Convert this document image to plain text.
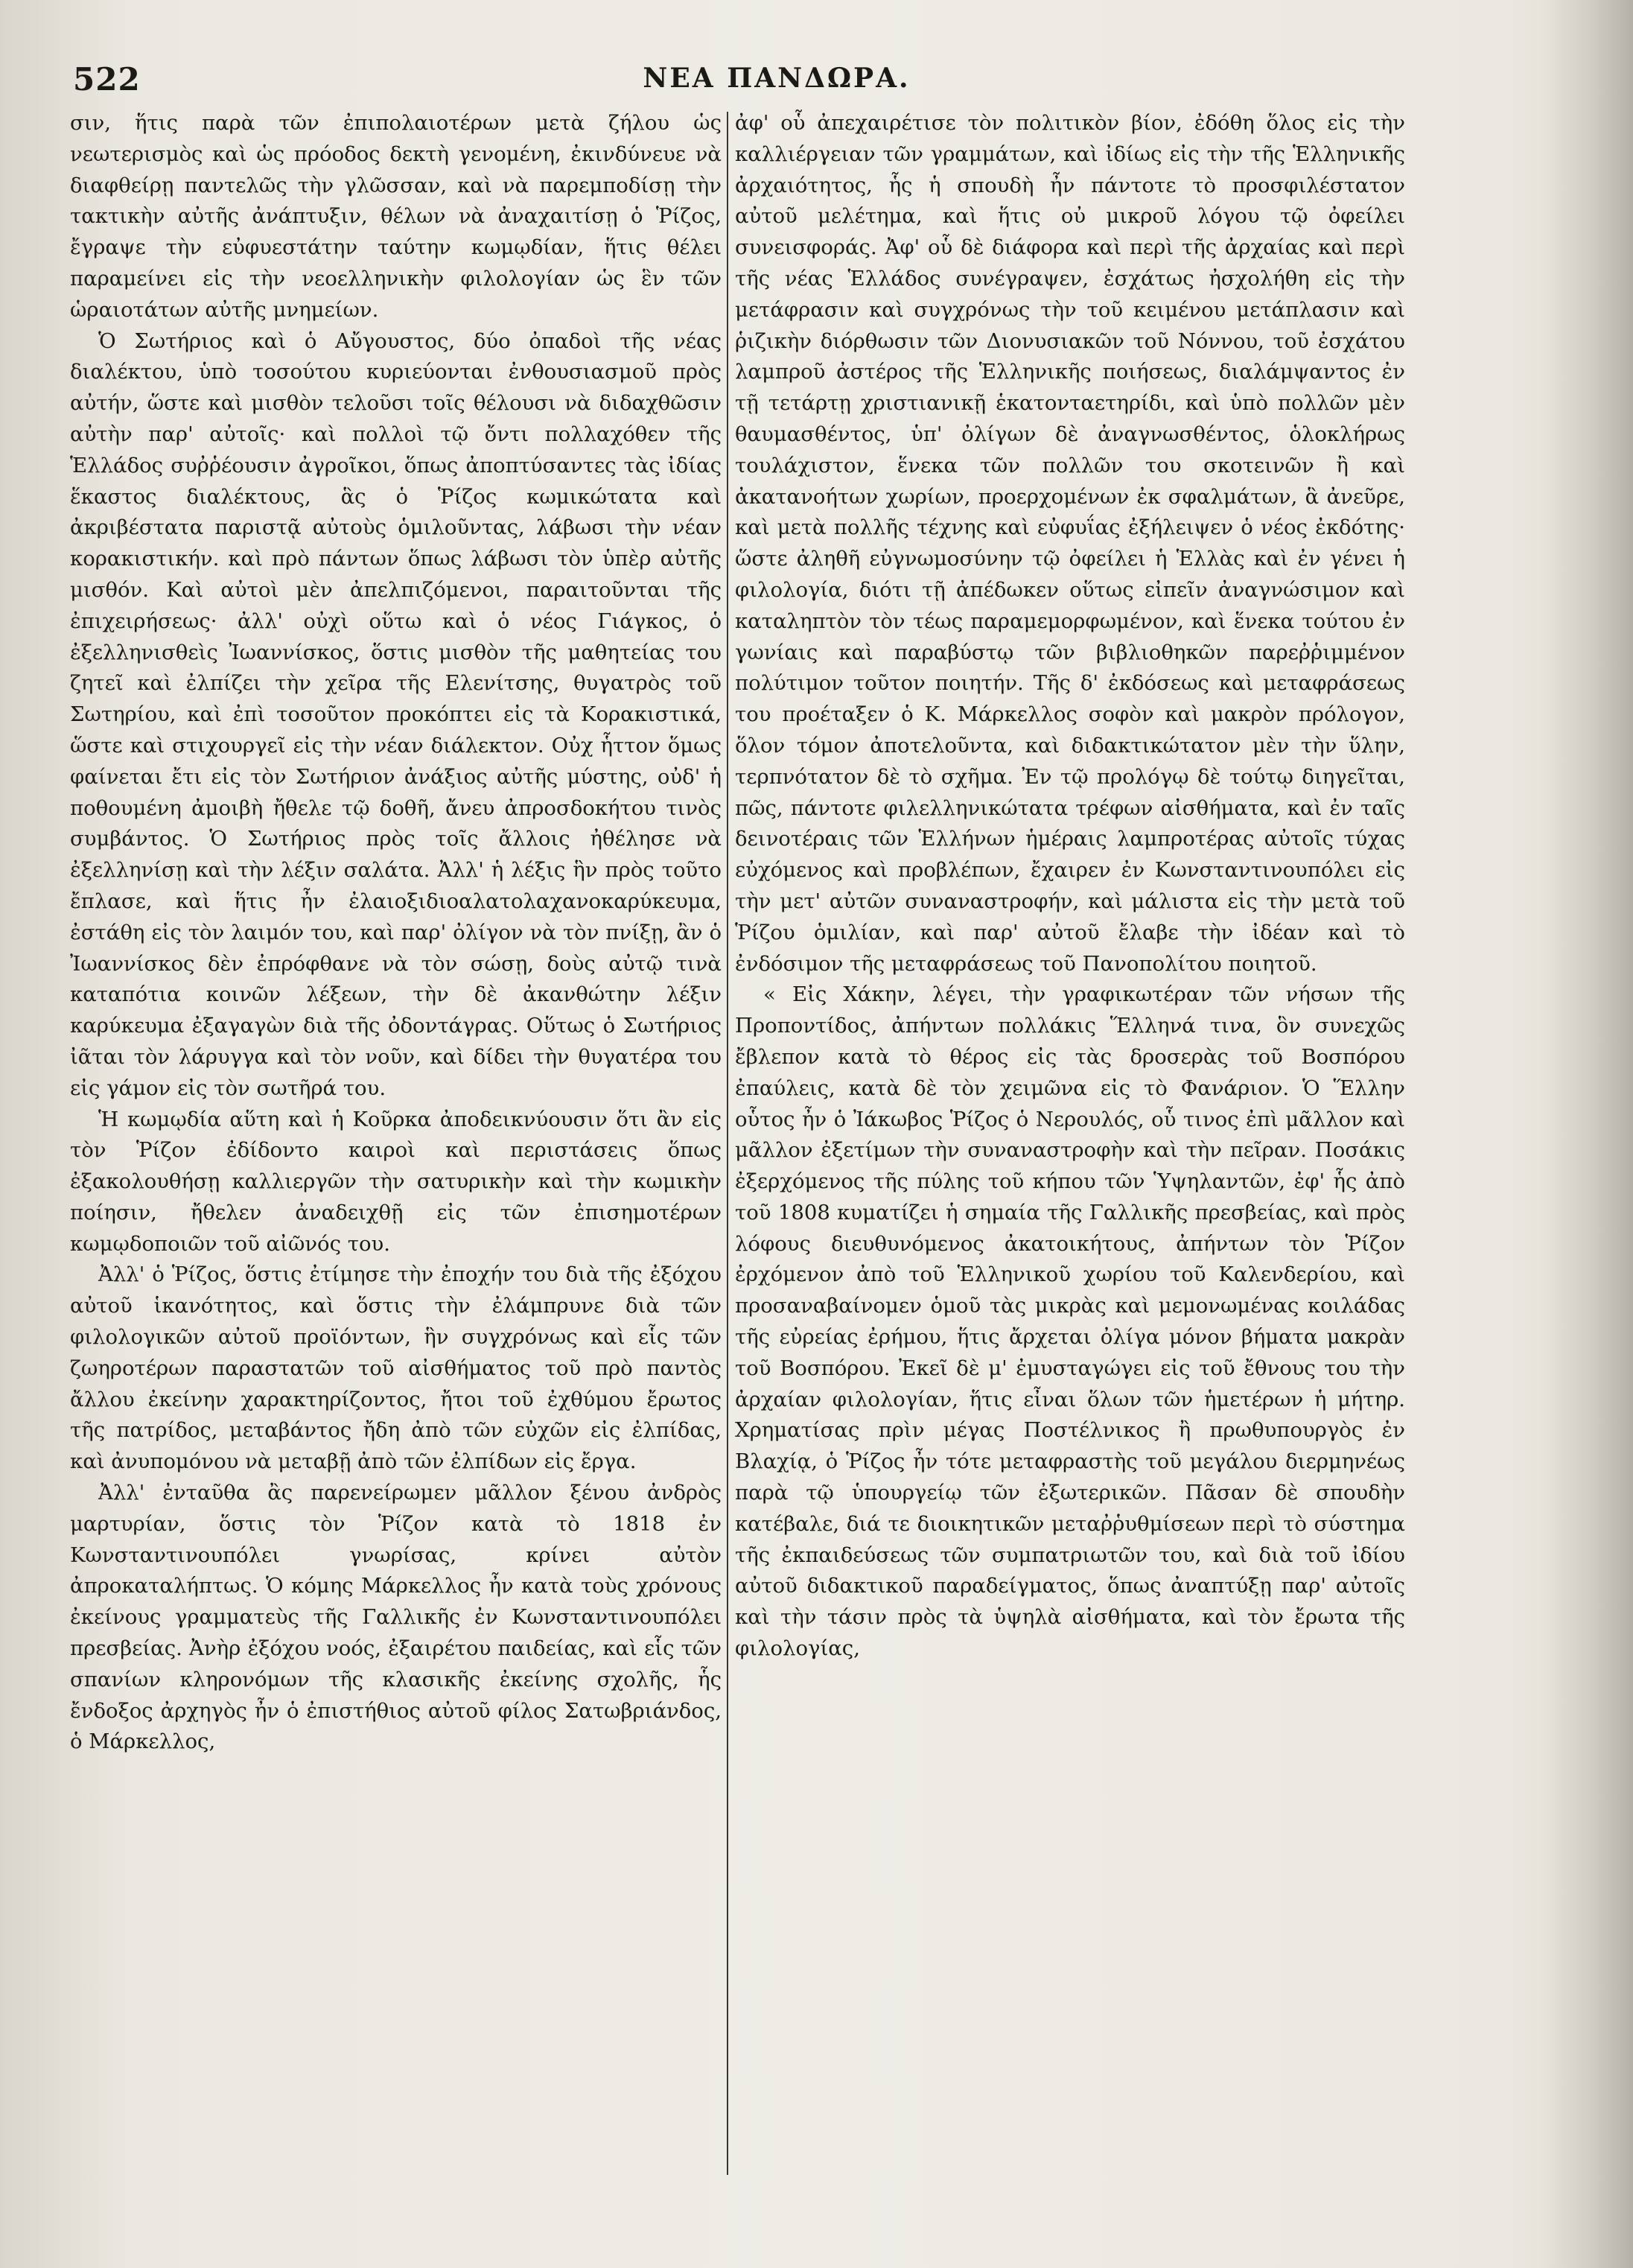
522	ΝΕΑ ΠΑΝΔΩΡΑ.

σιν, ἥτις παρὰ τῶν ἐπιπολαιοτέρων μετὰ ζήλου ὡς νεωτερισμὸς καὶ ὡς πρόοδος δεκτὴ γενομένη, ἐκινδύνευε νὰ διαφθείρῃ παντελῶς τὴν γλῶσσαν, καὶ νὰ παρεμποδίσῃ τὴν τακτικὴν αὐτῆς ἀνάπτυξιν, θέλων νὰ ἀναχαιτίσῃ ὁ Ῥίζος, ἔγραψε τὴν εὐφυεστάτην ταύτην κωμῳδίαν, ἥτις θέλει παραμείνει εἰς τὴν νεοελληνικὴν φιλολογίαν ὡς ἓν τῶν ὡραιοτάτων αὐτῆς μνημείων.

Ὁ Σωτήριος καὶ ὁ Αὔγουστος, δύο ὀπαδοὶ τῆς νέας διαλέκτου, ὑπὸ τοσούτου κυριεύονται ἐνθουσιασμοῦ πρὸς αὐτήν, ὥστε καὶ μισθὸν τελοῦσι τοῖς θέλουσι νὰ διδαχθῶσιν αὐτὴν παρ' αὐτοῖς· καὶ πολλοὶ τῷ ὄντι πολλαχόθεν τῆς Ἑλλάδος συῤῥέουσιν ἀγροῖκοι, ὅπως ἀποπτύσαντες τὰς ἰδίας ἕκαστος διαλέκτους, ἃς ὁ Ῥίζος κωμικώτατα καὶ ἀκριβέστατα παριστᾷ αὐτοὺς ὁμιλοῦντας, λάβωσι τὴν νέαν κορακιστικήν. καὶ πρὸ πάντων ὅπως λάβωσι τὸν ὑπὲρ αὐτῆς μισθόν. Καὶ αὐτοὶ μὲν ἀπελπιζόμενοι, παραιτοῦνται τῆς ἐπιχειρήσεως· ἀλλ' οὐχὶ οὕτω καὶ ὁ νέος Γιάγκος, ὁ ἐξελληνισθεὶς Ἰωαννίσκος, ὅστις μισθὸν τῆς μαθητείας του ζητεῖ καὶ ἐλπίζει τὴν χεῖρα τῆς Ελενίτσης, θυγατρὸς τοῦ Σωτηρίου, καὶ ἐπὶ τοσοῦτον προκόπτει εἰς τὰ Κορακιστικά, ὥστε καὶ στιχουργεῖ εἰς τὴν νέαν διάλεκτον. Οὐχ ἧττον ὅμως φαίνεται ἔτι εἰς τὸν Σωτήριον ἀνάξιος αὐτῆς μύστης, οὐδ' ἡ ποθουμένη ἀμοιβὴ ἤθελε τῷ δοθῆ, ἄνευ ἀπροσδοκήτου τινὸς συμβάντος. Ὁ Σωτήριος πρὸς τοῖς ἄλλοις ἠθέλησε νὰ ἐξελληνίσῃ καὶ τὴν λέξιν σαλάτα. Ἀλλ' ἡ λέξις ἣν πρὸς τοῦτο ἔπλασε, καὶ ἥτις ἦν ἐλαιοξιδιοαλατολαχανοκαρύκευμα, ἐστάθη εἰς τὸν λαιμόν του, καὶ παρ' ὀλίγον νὰ τὸν πνίξῃ, ἂν ὁ Ἰωαννίσκος δὲν ἐπρόφθανε νὰ τὸν σώσῃ, δοὺς αὐτῷ τινὰ καταπότια κοινῶν λέξεων, τὴν δὲ ἀκανθώτην λέξιν καρύκευμα ἐξαγαγὼν διὰ τῆς ὀδοντάγρας. Οὕτως ὁ Σωτήριος ἰᾶται τὸν λάρυγγα καὶ τὸν νοῦν, καὶ δίδει τὴν θυγατέρα του εἰς γάμον εἰς τὸν σωτῆρά του.

Ἡ κωμῳδία αὕτη καὶ ἡ Κοῦρκα ἀποδεικνύουσιν ὅτι ἂν εἰς τὸν Ῥίζον ἐδίδοντο καιροὶ καὶ περιστάσεις ὅπως ἐξακολουθήσῃ καλλιεργῶν τὴν σατυρικὴν καὶ τὴν κωμικὴν ποίησιν, ἤθελεν ἀναδειχθῇ εἰς τῶν ἐπισημοτέρων κωμῳδοποιῶν τοῦ αἰῶνός του.

Ἀλλ' ὁ Ῥίζος, ὅστις ἐτίμησε τὴν ἐποχήν του διὰ τῆς ἐξόχου αὐτοῦ ἱκανότητος, καὶ ὅστις τὴν ἐλάμπρυνε διὰ τῶν φιλολογικῶν αὐτοῦ προϊόντων, ἣν συγχρόνως καὶ εἷς τῶν ζωηροτέρων παραστατῶν τοῦ αἰσθήματος τοῦ πρὸ παντὸς ἄλλου ἐκείνην χαρακτηρίζοντος, ἤτοι τοῦ ἐχθύμου ἔρωτος τῆς πατρίδος, μεταβάντος ἤδη ἀπὸ τῶν εὐχῶν εἰς ἐλπίδας, καὶ ἀνυπομόνου νὰ μεταβῇ ἀπὸ τῶν ἐλπίδων εἰς ἔργα.

Ἀλλ' ἐνταῦθα ἂς παρενείρωμεν μᾶλλον ξένου ἀνδρὸς μαρτυρίαν, ὅστις τὸν Ῥίζον κατὰ τὸ 1818 ἐν Κωνσταντινουπόλει γνωρίσας, κρίνει αὐτὸν ἀπροκαταλήπτως. Ὁ κόμης Μάρκελλος ἦν κατὰ τοὺς χρόνους ἐκείνους γραμματεὺς τῆς Γαλλικῆς ἐν Κωνσταντινουπόλει πρεσβείας. Ἀνὴρ ἐξόχου νοός, ἐξαιρέτου παιδείας, καὶ εἷς τῶν σπανίων κληρονόμων τῆς κλασικῆς ἐκείνης σχολῆς, ἧς ἔνδοξος ἀρχηγὸς ἦν ὁ ἐπιστήθιος αὐτοῦ φίλος Σατωβριάνδος, ὁ Μάρκελλος,

ἀφ' οὗ ἀπεχαιρέτισε τὸν πολιτικὸν βίον, ἐδόθη ὅλος εἰς τὴν καλλιέργειαν τῶν γραμμάτων, καὶ ἰδίως εἰς τὴν τῆς Ἑλληνικῆς ἀρχαιότητος, ἧς ἡ σπουδὴ ἦν πάντοτε τὸ προσφιλέστατον αὐτοῦ μελέτημα, καὶ ἥτις οὐ μικροῦ λόγου τῷ ὀφείλει συνεισφοράς. Ἀφ' οὗ δὲ διάφορα καὶ περὶ τῆς ἀρχαίας καὶ περὶ τῆς νέας Ἑλλάδος συνέγραψεν, ἐσχάτως ἠσχολήθη εἰς τὴν μετάφρασιν καὶ συγχρόνως τὴν τοῦ κειμένου μετάπλασιν καὶ ῥιζικὴν διόρθωσιν τῶν Διονυσιακῶν τοῦ Νόννου, τοῦ ἐσχάτου λαμπροῦ ἀστέρος τῆς Ἑλληνικῆς ποιήσεως, διαλάμψαντος ἐν τῇ τετάρτῃ χριστιανικῇ ἑκατονταετηρίδι, καὶ ὑπὸ πολλῶν μὲν θαυμασθέντος, ὑπ' ὀλίγων δὲ ἀναγνωσθέντος, ὁλοκλήρως τουλάχιστον, ἕνεκα τῶν πολλῶν του σκοτεινῶν ἢ καὶ ἀκατανοήτων χωρίων, προερχομένων ἐκ σφαλμάτων, ἃ ἀνεῦρε, καὶ μετὰ πολλῆς τέχνης καὶ εὐφυΐας ἐξήλειψεν ὁ νέος ἐκδότης· ὥστε ἀληθῆ εὐγνωμοσύνην τῷ ὀφείλει ἡ Ἑλλὰς καὶ ἐν γένει ἡ φιλολογία, διότι τῇ ἀπέδωκεν οὕτως εἰπεῖν ἀναγνώσιμον καὶ καταληπτὸν τὸν τέως παραμεμορφωμένον, καὶ ἕνεκα τούτου ἐν γωνίαις καὶ παραβύστῳ τῶν βιβλιοθηκῶν παρεῤῥιμμένον πολύτιμον τοῦτον ποιητήν. Τῆς δ' ἐκδόσεως καὶ μεταφράσεως του προέταξεν ὁ Κ. Μάρκελλος σοφὸν καὶ μακρὸν πρόλογον, ὅλον τόμον ἀποτελοῦντα, καὶ διδακτικώτατον μὲν τὴν ὕλην, τερπνότατον δὲ τὸ σχῆμα. Ἐν τῷ προλόγῳ δὲ τούτῳ διηγεῖται, πῶς, πάντοτε φιλελληνικώτατα τρέφων αἰσθήματα, καὶ ἐν ταῖς δεινοτέραις τῶν Ἑλλήνων ἡμέραις λαμπροτέρας αὐτοῖς τύχας εὐχόμενος καὶ προβλέπων, ἔχαιρεν ἐν Κωνσταντινουπόλει εἰς τὴν μετ' αὐτῶν συναναστροφήν, καὶ μάλιστα εἰς τὴν μετὰ τοῦ Ῥίζου ὁμιλίαν, καὶ παρ' αὐτοῦ ἔλαβε τὴν ἰδέαν καὶ τὸ ἐνδόσιμον τῆς μεταφράσεως τοῦ Πανοπολίτου ποιητοῦ.

« Εἰς Χάκην, λέγει, τὴν γραφικωτέραν τῶν νήσων τῆς Προποντίδος, ἀπήντων πολλάκις Ἕλληνά τινα, ὃν συνεχῶς ἔβλεπον κατὰ τὸ θέρος εἰς τὰς δροσερὰς τοῦ Βοσπόρου ἐπαύλεις, κατὰ δὲ τὸν χειμῶνα εἰς τὸ Φανάριον. Ὁ Ἕλλην οὗτος ἦν ὁ Ἰάκωβος Ῥίζος ὁ Νερουλός, οὗ τινος ἐπὶ μᾶλλον καὶ μᾶλλον ἐξετίμων τὴν συναναστροφὴν καὶ τὴν πεῖραν. Ποσάκις ἐξερχόμενος τῆς πύλης τοῦ κήπου τῶν Ὑψηλαντῶν, ἐφ' ἧς ἀπὸ τοῦ 1808 κυματίζει ἡ σημαία τῆς Γαλλικῆς πρεσβείας, καὶ πρὸς λόφους διευθυνόμενος ἀκατοικήτους, ἀπήντων τὸν Ῥίζον ἐρχόμενον ἀπὸ τοῦ Ἑλληνικοῦ χωρίου τοῦ Καλενδερίου, καὶ προσαναβαίνομεν ὁμοῦ τὰς μικρὰς καὶ μεμονωμένας κοιλάδας τῆς εὐρείας ἐρήμου, ἥτις ἄρχεται ὀλίγα μόνον βήματα μακρὰν τοῦ Βοσπόρου. Ἐκεῖ δὲ μ' ἐμυσταγώγει εἰς τοῦ ἔθνους του τὴν ἀρχαίαν φιλολογίαν, ἥτις εἶναι ὅλων τῶν ἡμετέρων ἡ μήτηρ. Χρηματίσας πρὶν μέγας Ποστέλνικος ἢ πρωθυπουργὸς ἐν Βλαχίᾳ, ὁ Ῥίζος ἦν τότε μεταφραστὴς τοῦ μεγάλου διερμηνέως παρὰ τῷ ὑπουργείῳ τῶν ἐξωτερικῶν. Πᾶσαν δὲ σπουδὴν κατέβαλε, διά τε διοικητικῶν μεταῤῥυθμίσεων περὶ τὸ σύστημα τῆς ἐκπαιδεύσεως τῶν συμπατριωτῶν του, καὶ διὰ τοῦ ἰδίου αὐτοῦ διδακτικοῦ παραδείγματος, ὅπως ἀναπτύξῃ παρ' αὐτοῖς καὶ τὴν τάσιν πρὸς τὰ ὑψηλὰ αἰσθήματα, καὶ τὸν ἔρωτα τῆς φιλολογίας,
